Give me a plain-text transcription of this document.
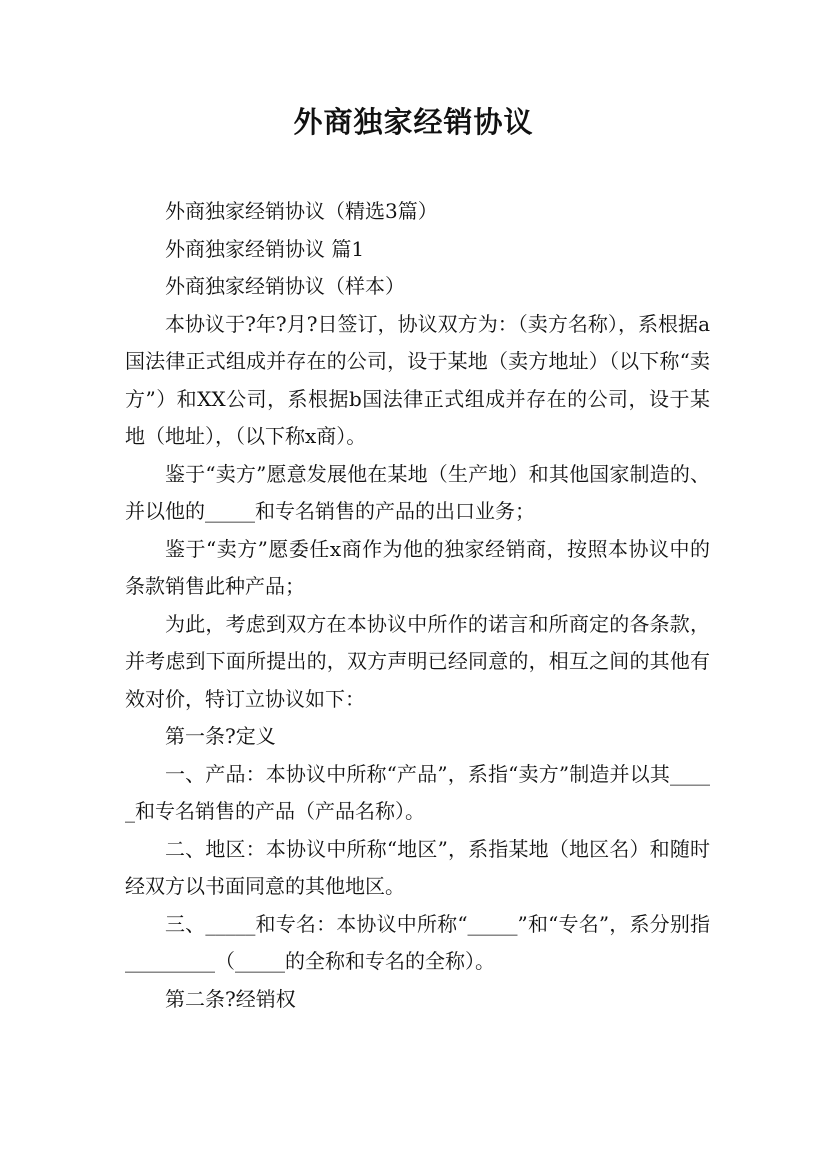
外商独家经销协议

外商独家经销协议（精选3篇）

外商独家经销协议 篇1

外商独家经销协议（样本）

本协议于?年?月?日签订，协议双方为：（卖方名称），系根据a国法律正式组成并存在的公司，设于某地（卖方地址）（以下称“卖方”）和XX公司，系根据b国法律正式组成并存在的公司，设于某地（地址），（以下称x商）。

鉴于“卖方”愿意发展他在某地（生产地）和其他国家制造的、并以他的_____和专名销售的产品的出口业务；

鉴于“卖方”愿委任x商作为他的独家经销商，按照本协议中的条款销售此种产品；

为此，考虑到双方在本协议中所作的诺言和所商定的各条款，并考虑到下面所提出的，双方声明已经同意的，相互之间的其他有效对价，特订立协议如下：

第一条?定义

一、产品：本协议中所称“产品”，系指“卖方”制造并以其_____和专名销售的产品（产品名称）。

二、地区：本协议中所称“地区”，系指某地（地区名）和随时经双方以书面同意的其他地区。

三、_____和专名：本协议中所称“_____”和“专名”，系分别指_________（_____的全称和专名的全称）。

第二条?经销权
